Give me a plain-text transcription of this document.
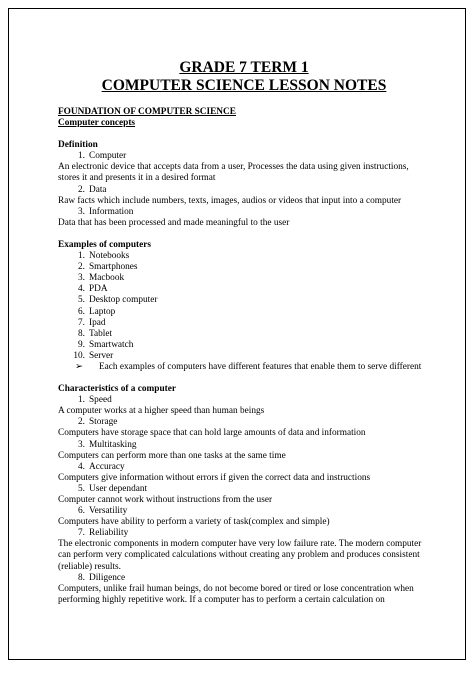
GRADE 7 TERM 1
COMPUTER SCIENCE LESSON NOTES
FOUNDATION OF COMPUTER SCIENCE
Computer concepts
Definition
1. Computer
An electronic device that accepts data from a user, Processes the data using given instructions, stores it and presents it in a desired format
2. Data
Raw facts which include numbers, texts, images, audios or videos that input into a computer
3. Information
Data that has been processed and made meaningful to the user
Examples of computers
1. Notebooks
2. Smartphones
3. Macbook
4. PDA
5. Desktop computer
6. Laptop
7. Ipad
8. Tablet
9. Smartwatch
10. Server
➢ Each examples of computers have different features that enable them to serve different
Characteristics of a computer
1. Speed
A computer works at a higher speed than human beings
2. Storage
Computers have storage space that can hold large amounts of data and information
3. Multitasking
Computers can perform more than one tasks at the same time
4. Accuracy
Computers give information without errors if given the correct data and instructions
5. User dependant
Computer cannot work without instructions from the user
6. Versatility
Computers have ability to perform a variety of task(complex and simple)
7. Reliability
The electronic components in modern computer have very low failure rate. The modern computer can perform very complicated calculations without creating any problem and produces consistent (reliable) results.
8. Diligence
Computers, unlike frail human beings, do not become bored or tired or lose concentration when performing highly repetitive work. If a computer has to perform a certain calculation on
